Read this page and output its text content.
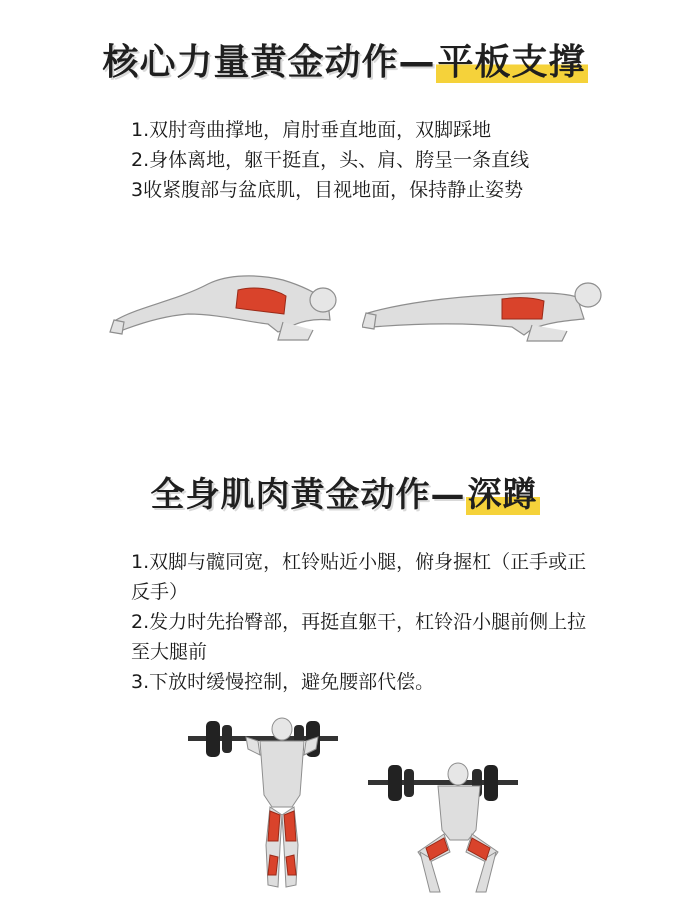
核心力量黄金动作—平板支撑
1.双肘弯曲撑地，肩肘垂直地面，双脚踩地
2.身体离地，躯干挺直，头、肩、胯呈一条直线
3收紧腹部与盆底肌，目视地面，保持静止姿势
全身肌肉黄金动作—深蹲
1.双脚与髋同宽，杠铃贴近小腿，俯身握杠（正手或正反手）
2.发力时先抬臀部，再挺直躯干，杠铃沿小腿前侧上拉至大腿前
3.下放时缓慢控制，避免腰部代偿。
